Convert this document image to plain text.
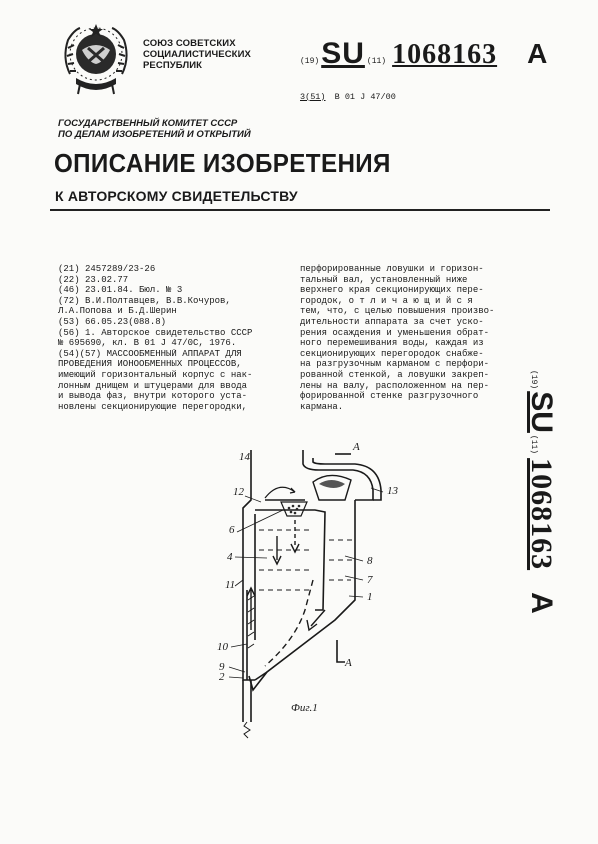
СОЮЗ СОВЕТСКИХ
СОЦИАЛИСТИЧЕСКИХ
РЕСПУБЛИК	(19) SU (11) 1068163 A
3(51) B 01 J 47/00
ГОСУДАРСТВЕННЫЙ КОМИТЕТ СССР
ПО ДЕЛАМ ИЗОБРЕТЕНИЙ И ОТКРЫТИЙ
ОПИСАНИЕ ИЗОБРЕТЕНИЯ
К АВТОРСКОМУ СВИДЕТЕЛЬСТВУ
(21) 2457289/23-26
(22) 23.02.77
(46) 23.01.84. Бюл. № 3
(72) В.И.Полтавцев, В.В.Кочуров,
Л.А.Попова и Б.Д.Шерин
(53) 66.05.23(088.8)
(56) 1. Авторское свидетельство СССР
№ 695690, кл. B 01 J 47/0С, 1976.
(54)(57) МАССООБМЕННЫЙ АППАРАТ ДЛЯ
ПРОВЕДЕНИЯ ИОНООБМЕННЫХ ПРОЦЕССОВ,
имеющий горизонтальный корпус с нак-
лонным днищем и штуцерами для ввода
и вывода фаз, внутри которого уста-
новлены секционирующие перегородки,
перфорированные ловушки и горизон-
тальный вал, установленный ниже
верхнего края секционирующих пере-
городок, о т л и ч а ю щ и й с я
тем, что, с целью повышения произво-
дительности аппарата за счет уско-
рения осаждения и уменьшения обрат-
ного перемешивания воды, каждая из
секционирующих перегородок снабже-
на разгрузочным карманом с перфори-
рованной стенкой, а ловушки закреп-
лены на валу, расположенном на пер-
форированной стенке разгрузочного
кармана.
(19)
SU
(11)
1068163
A
А
А
14
12	13
6
4	8
7
1
11
10
9
2
Фиг.1
